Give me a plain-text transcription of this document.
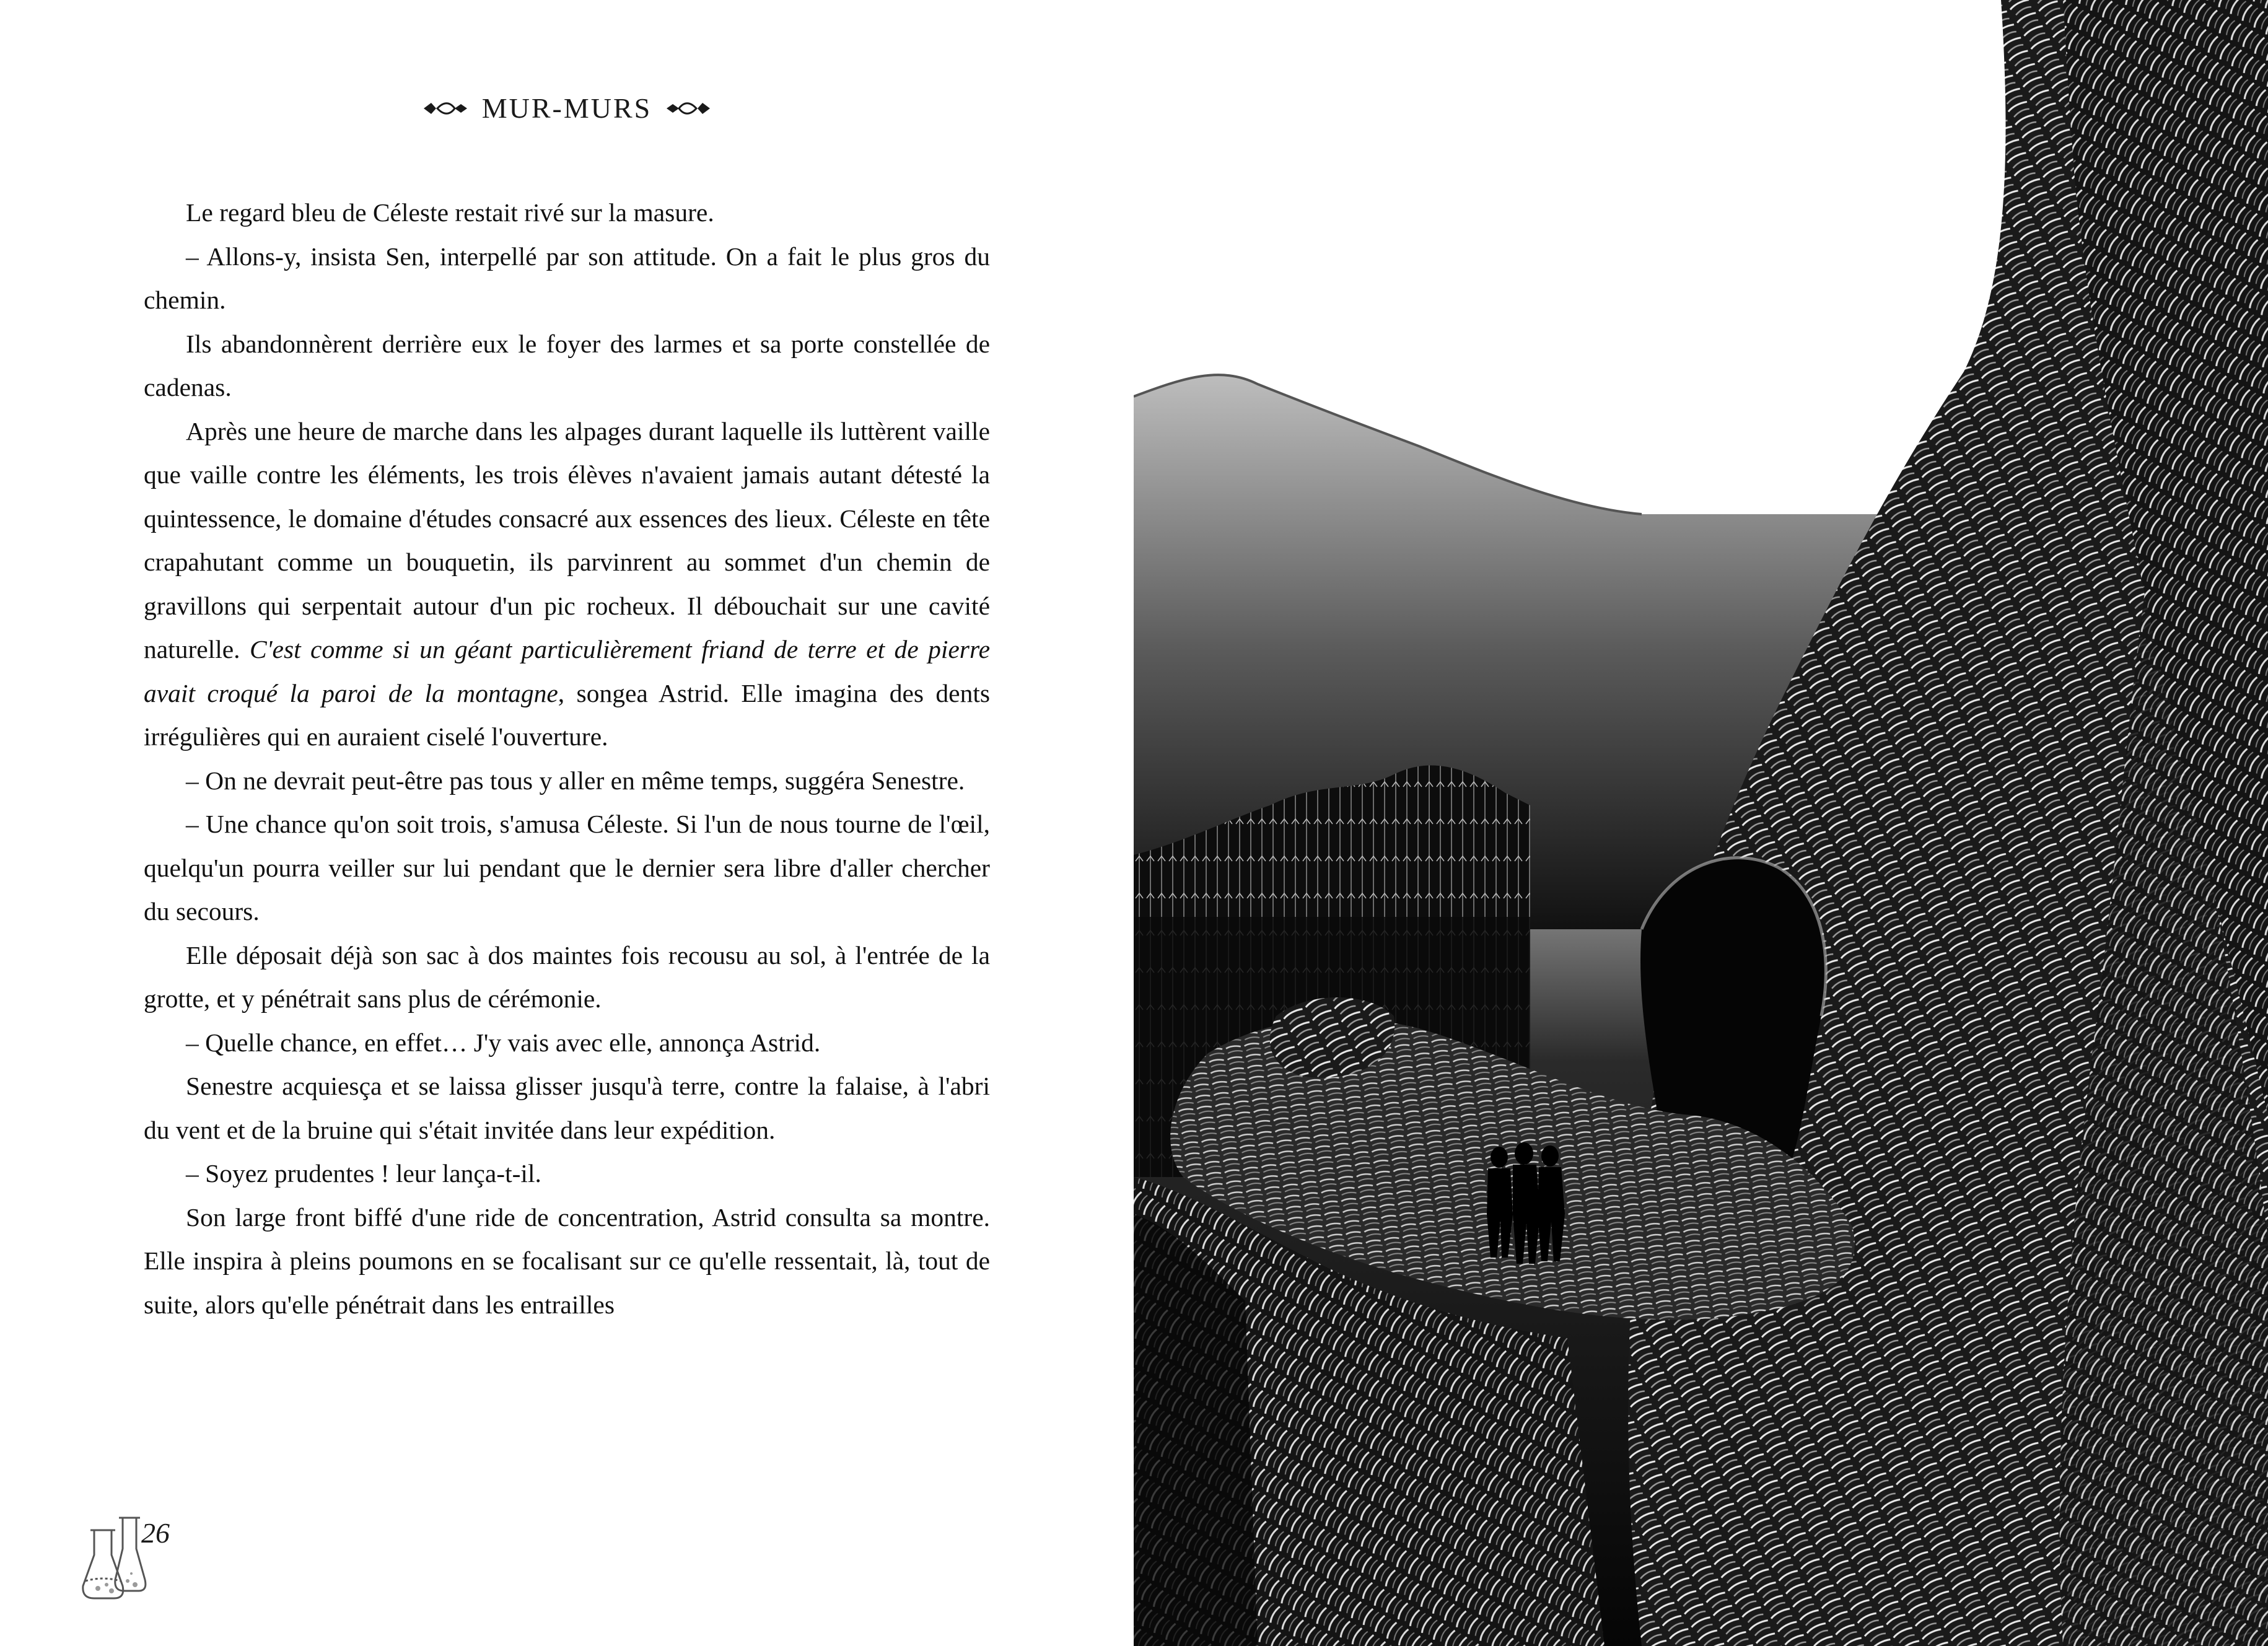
MUR-MURS

Le regard bleu de Céleste restait rivé sur la masure.

– Allons-y, insista Sen, interpellé par son attitude. On a fait le plus gros du chemin.

Ils abandonnèrent derrière eux le foyer des larmes et sa porte constellée de cadenas.

Après une heure de marche dans les alpages durant laquelle ils luttèrent vaille que vaille contre les éléments, les trois élèves n'avaient jamais autant détesté la quintessence, le domaine d'études consacré aux essences des lieux. Céleste en tête crapahutant comme un bouquetin, ils parvinrent au sommet d'un chemin de gravillons qui serpentait autour d'un pic rocheux. Il débouchait sur une cavité naturelle. C'est comme si un géant particulièrement friand de terre et de pierre avait croqué la paroi de la montagne, songea Astrid. Elle imagina des dents irrégulières qui en auraient ciselé l'ouverture.

– On ne devrait peut-être pas tous y aller en même temps, suggéra Senestre.

– Une chance qu'on soit trois, s'amusa Céleste. Si l'un de nous tourne de l'œil, quelqu'un pourra veiller sur lui pendant que le dernier sera libre d'aller chercher du secours.

Elle déposait déjà son sac à dos maintes fois recousu au sol, à l'entrée de la grotte, et y pénétrait sans plus de cérémonie.

– Quelle chance, en effet… J'y vais avec elle, annonça Astrid.

Senestre acquiesça et se laissa glisser jusqu'à terre, contre la falaise, à l'abri du vent et de la bruine qui s'était invitée dans leur expédition.

– Soyez prudentes ! leur lança-t-il.

Son large front biffé d'une ride de concentration, Astrid consulta sa montre. Elle inspira à pleins poumons en se focalisant sur ce qu'elle ressentait, là, tout de suite, alors qu'elle pénétrait dans les entrailles

26
